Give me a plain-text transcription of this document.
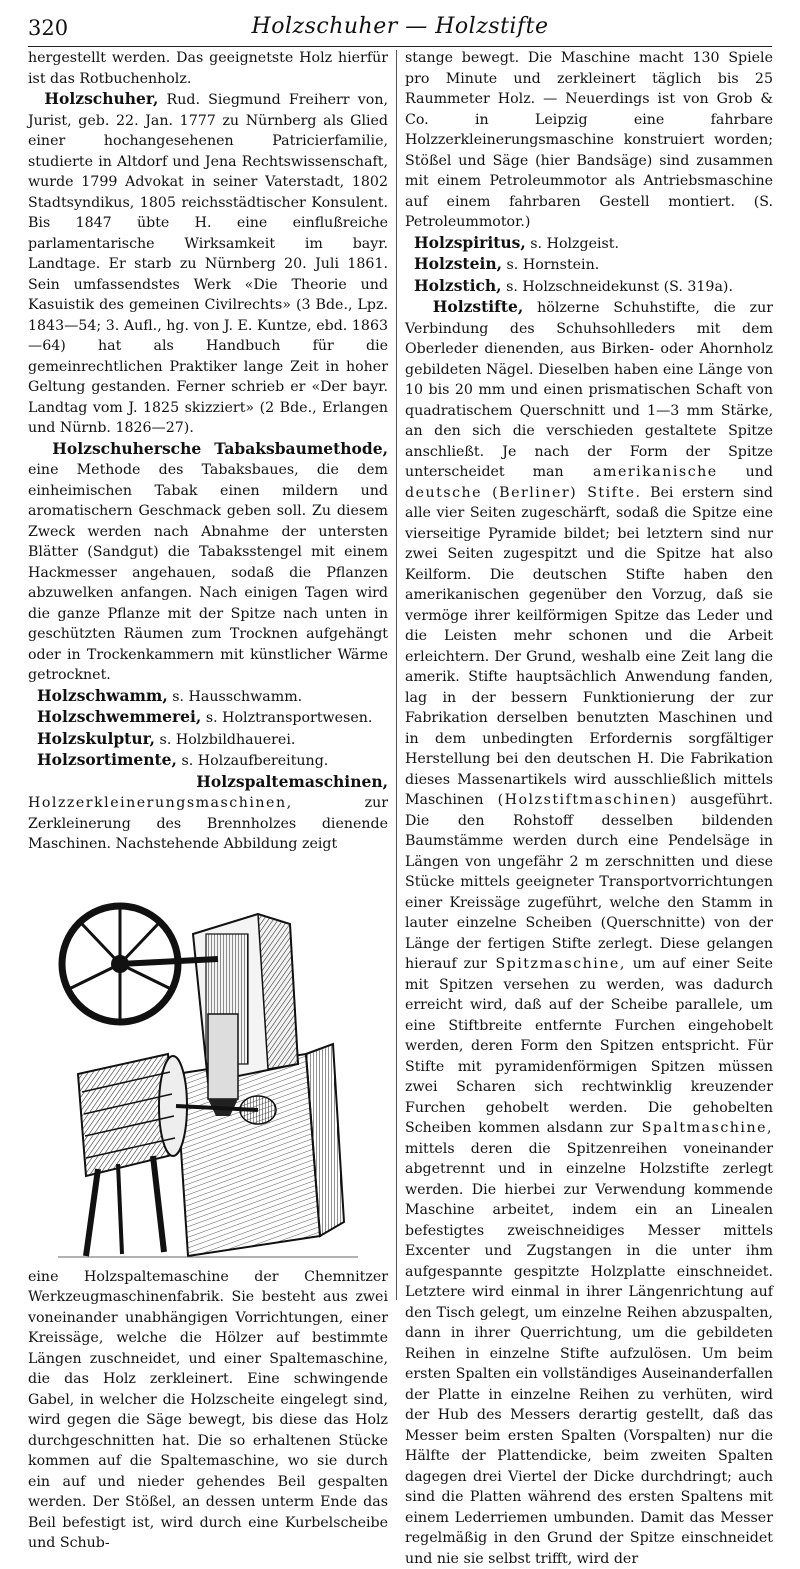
320	Holzschuher — Holzstifte

hergestellt werden. Das geeignetste Holz hierfür ist das Rotbuchenholz.

Holzschuher, Rud. Siegmund Freiherr von, Jurist, geb. 22. Jan. 1777 zu Nürnberg als Glied einer hochangesehenen Patricierfamilie, studierte in Altdorf und Jena Rechtswissenschaft, wurde 1799 Advokat in seiner Vaterstadt, 1802 Stadtsyndikus, 1805 reichsstädtischer Konsulent. Bis 1847 übte H. eine einflußreiche parlamentarische Wirksamkeit im bayr. Landtage. Er starb zu Nürnberg 20. Juli 1861. Sein umfassendstes Werk «Die Theorie und Kasuistik des gemeinen Civilrechts» (3 Bde., Lpz. 1843—54; 3. Aufl., hg. von J. E. Kuntze, ebd. 1863—64) hat als Handbuch für die gemeinrechtlichen Praktiker lange Zeit in hoher Geltung gestanden. Ferner schrieb er «Der bayr. Landtag vom J. 1825 skizziert» (2 Bde., Erlangen und Nürnb. 1826—27).

Holzschuhersche Tabaksbaumethode, eine Methode des Tabaksbaues, die dem einheimischen Tabak einen mildern und aromatischern Geschmack geben soll. Zu diesem Zweck werden nach Abnahme der untersten Blätter (Sandgut) die Tabaksstengel mit einem Hackmesser angehauen, sodaß die Pflanzen abzuwelken anfangen. Nach einigen Tagen wird die ganze Pflanze mit der Spitze nach unten in geschützten Räumen zum Trocknen aufgehängt oder in Trockenkammern mit künstlicher Wärme getrocknet.

Holzschwamm, s. Hausschwamm.

Holzschwemmerei, s. Holztransportwesen.

Holzskulptur, s. Holzbildhauerei.

Holzsortimente, s. Holzaufbereitung.

Holzspaltemaschinen, Holzzerkleinerungsmaschinen, zur Zerkleinerung des Brennholzes dienende Maschinen. Nachstehende Abbildung zeigt

eine Holzspaltemaschine der Chemnitzer Werkzeugmaschinenfabrik. Sie besteht aus zwei voneinander unabhängigen Vorrichtungen, einer Kreissäge, welche die Hölzer auf bestimmte Längen zuschneidet, und einer Spaltemaschine, die das Holz zerkleinert. Eine schwingende Gabel, in welcher die Holzscheite eingelegt sind, wird gegen die Säge bewegt, bis diese das Holz durchgeschnitten hat. Die so erhaltenen Stücke kommen auf die Spaltemaschine, wo sie durch ein auf und nieder gehendes Beil gespalten werden. Der Stößel, an dessen unterm Ende das Beil befestigt ist, wird durch eine Kurbelscheibe und Schub-

stange bewegt. Die Maschine macht 130 Spiele pro Minute und zerkleinert täglich bis 25 Raummeter Holz. — Neuerdings ist von Grob & Co. in Leipzig eine fahrbare Holzzerkleinerungsmaschine konstruiert worden; Stößel und Säge (hier Bandsäge) sind zusammen mit einem Petroleummotor als Antriebsmaschine auf einem fahrbaren Gestell montiert. (S. Petroleummotor.)

Holzspiritus, s. Holzgeist.

Holzstein, s. Hornstein.

Holzstich, s. Holzschneidekunst (S. 319a).

Holzstifte, hölzerne Schuhstifte, die zur Verbindung des Schuhsohlleders mit dem Oberleder dienenden, aus Birken- oder Ahornholz gebildeten Nägel. Dieselben haben eine Länge von 10 bis 20 mm und einen prismatischen Schaft von quadratischem Querschnitt und 1—3 mm Stärke, an den sich die verschieden gestaltete Spitze anschließt. Je nach der Form der Spitze unterscheidet man amerikanische und deutsche (Berliner) Stifte. Bei erstern sind alle vier Seiten zugeschärft, sodaß die Spitze eine vierseitige Pyramide bildet; bei letztern sind nur zwei Seiten zugespitzt und die Spitze hat also Keilform. Die deutschen Stifte haben den amerikanischen gegenüber den Vorzug, daß sie vermöge ihrer keilförmigen Spitze das Leder und die Leisten mehr schonen und die Arbeit erleichtern. Der Grund, weshalb eine Zeit lang die amerik. Stifte hauptsächlich Anwendung fanden, lag in der bessern Funktionierung der zur Fabrikation derselben benutzten Maschinen und in dem unbedingten Erfordernis sorgfältiger Herstellung bei den deutschen H. Die Fabrikation dieses Massenartikels wird ausschließlich mittels Maschinen (Holzstiftmaschinen) ausgeführt. Die den Rohstoff desselben bildenden Baumstämme werden durch eine Pendelsäge in Längen von ungefähr 2 m zerschnitten und diese Stücke mittels geeigneter Transportvorrichtungen einer Kreissäge zugeführt, welche den Stamm in lauter einzelne Scheiben (Querschnitte) von der Länge der fertigen Stifte zerlegt. Diese gelangen hierauf zur Spitzmaschine, um auf einer Seite mit Spitzen versehen zu werden, was dadurch erreicht wird, daß auf der Scheibe parallele, um eine Stiftbreite entfernte Furchen eingehobelt werden, deren Form den Spitzen entspricht. Für Stifte mit pyramidenförmigen Spitzen müssen zwei Scharen sich rechtwinklig kreuzender Furchen gehobelt werden. Die gehobelten Scheiben kommen alsdann zur Spaltmaschine, mittels deren die Spitzenreihen voneinander abgetrennt und in einzelne Holzstifte zerlegt werden. Die hierbei zur Verwendung kommende Maschine arbeitet, indem ein an Linealen befestigtes zweischneidiges Messer mittels Excenter und Zugstangen in die unter ihm aufgespannte gespitzte Holzplatte einschneidet. Letztere wird einmal in ihrer Längenrichtung auf den Tisch gelegt, um einzelne Reihen abzuspalten, dann in ihrer Querrichtung, um die gebildeten Reihen in einzelne Stifte aufzulösen. Um beim ersten Spalten ein vollständiges Auseinanderfallen der Platte in einzelne Reihen zu verhüten, wird der Hub des Messers derartig gestellt, daß das Messer beim ersten Spalten (Vorspalten) nur die Hälfte der Plattendicke, beim zweiten Spalten dagegen drei Viertel der Dicke durchdringt; auch sind die Platten während des ersten Spaltens mit einem Lederriemen umbunden. Damit das Messer regelmäßig in den Grund der Spitze einschneidet und nie sie selbst trifft, wird der
